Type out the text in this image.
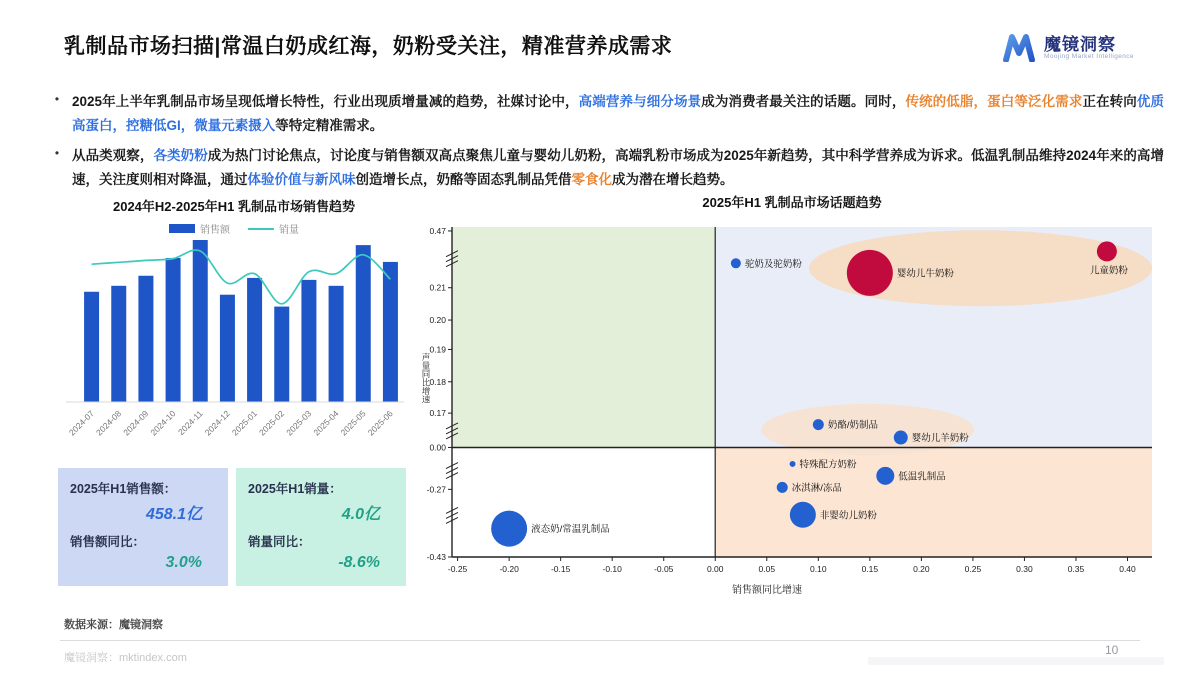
乳制品市场扫描|常温白奶成红海，奶粉受关注，精准营养成需求	魔镜洞察
Moojing Market Intelligence
• 2025年上半年乳制品市场呈现低增长特性，行业出现质增量减的趋势，社媒讨论中，高端营养与细分场景成为消费者最关注的话题。同时，传统的低脂，蛋白等泛化需求正在转向优质高蛋白，控糖低GI，微量元素摄入等特定精准需求。
• 从品类观察，各类奶粉成为热门讨论焦点，讨论度与销售额双高点聚焦儿童与婴幼儿奶粉，高端乳粉市场成为2025年新趋势，其中科学营养成为诉求。低温乳制品维持2024年来的高增速，关注度则相对降温，通过体验价值与新风味创造增长点，奶酪等固态乳制品凭借零食化成为潜在增长趋势。
2024年H2-2025年H1 乳制品市场销售趋势
销售额	销量
2024-07
2024-08
2024-09
2024-10
2024-11
2024-12
2025-01
2025-02
2025-03
2025-04
2025-05
2025-06
2025年H1销售额：
458.1亿
销售额同比：
3.0%
2025年H1销量：
4.0亿
销量同比：
-8.6%
2025年H1 乳制品市场话题趋势
0.47
0.21
0.20
0.19
0.18
0.17
0.00
-0.27
-0.43
-0.25	-0.20	-0.15	-0.10	-0.05	0.00	0.05	0.10	0.15	0.20	0.25	0.30	0.35	0.40
销售额同比增速
声量同比增速
驼奶及驼奶粉
婴幼儿牛奶粉	儿童奶粉
奶酪/奶制品
婴幼儿羊奶粉
特殊配方奶粉
低温乳制品
冰淇淋/冻品
非婴幼儿奶粉
液态奶/常温乳制品
数据来源：魔镜洞察
魔镜洞察：mktindex.com
10
